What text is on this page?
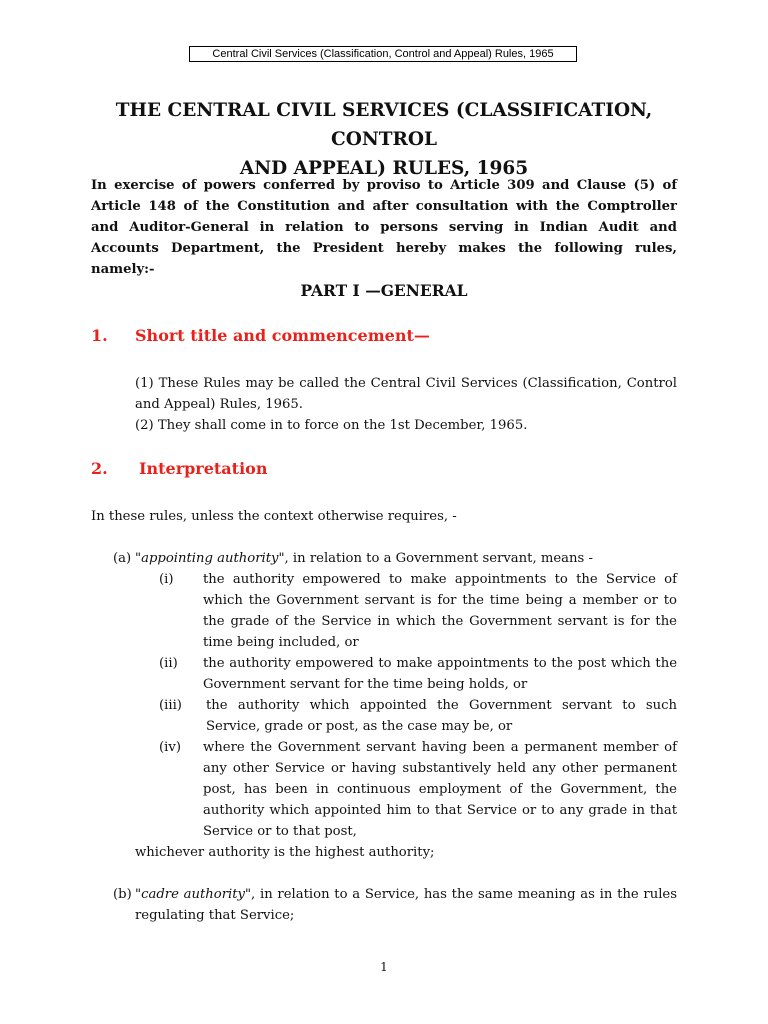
Central Civil Services (Classification, Control and Appeal) Rules, 1965
THE CENTRAL CIVIL SERVICES (CLASSIFICATION, CONTROL
AND APPEAL) RULES, 1965
In exercise of powers conferred by proviso to Article 309 and Clause (5) of Article 148 of the Constitution and after consultation with the Comptroller and Auditor-General in relation to persons serving in Indian Audit and Accounts Department, the President hereby makes the following rules, namely:-
PART I —GENERAL
1. Short title and commencement—
(1) These Rules may be called the Central Civil Services (Classification, Control and Appeal) Rules, 1965.
(2) They shall come in to force on the 1st December, 1965.
2. Interpretation
In these rules, unless the context otherwise requires, -
(a) "appointing authority", in relation to a Government servant, means -
(i) the authority empowered to make appointments to the Service of which the Government servant is for the time being a member or to the grade of the Service in which the Government servant is for the time being included, or
(ii) the authority empowered to make appointments to the post which the Government servant for the time being holds, or
(iii) the authority which appointed the Government servant to such Service, grade or post, as the case may be, or
(iv) where the Government servant having been a permanent member of any other Service or having substantively held any other permanent post, has been in continuous employment of the Government, the authority which appointed him to that Service or to any grade in that Service or to that post,
whichever authority is the highest authority;
(b) "cadre authority", in relation to a Service, has the same meaning as in the rules regulating that Service;
1
